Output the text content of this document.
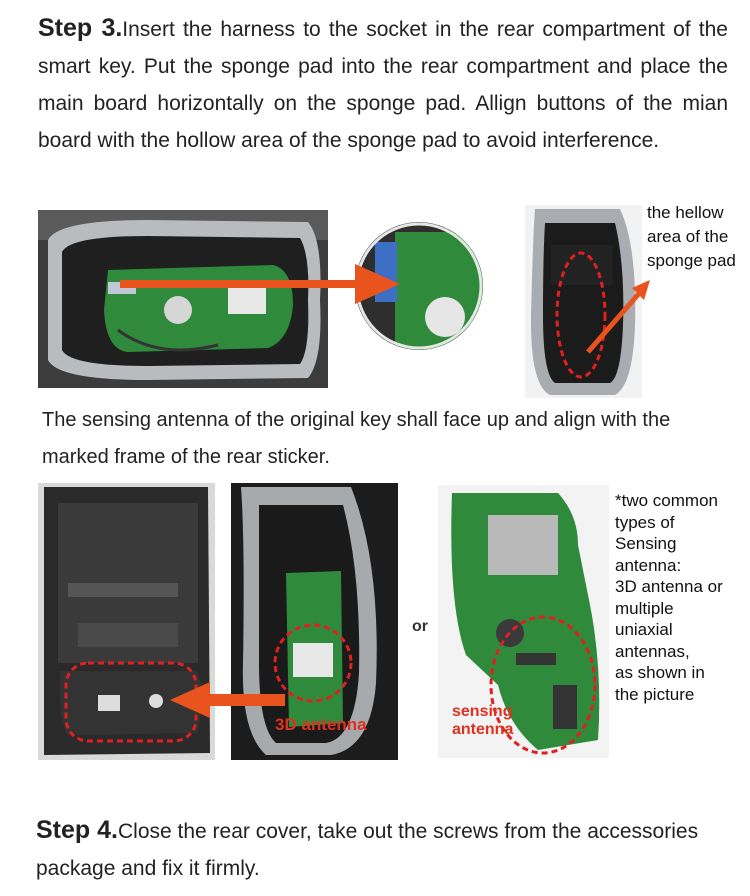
Step 3.Insert the harness to the socket in the rear compartment of the smart key. Put the sponge pad into the rear compartment and place the main board horizontally on the sponge pad. Allign buttons of the mian board with the hollow area of the sponge pad to avoid interference.
the hellow
area of the
sponge pad
The sensing antenna of the original key shall face up and align with the
marked frame of the rear sticker.
3D antenna
or
sensing
antenna
*two common
types of
Sensing
antenna:
3D antenna or
multiple
uniaxial
antennas,
as shown in
the picture
Step 4.Close the rear cover, take out the screws from the accessories package and fix it firmly.
